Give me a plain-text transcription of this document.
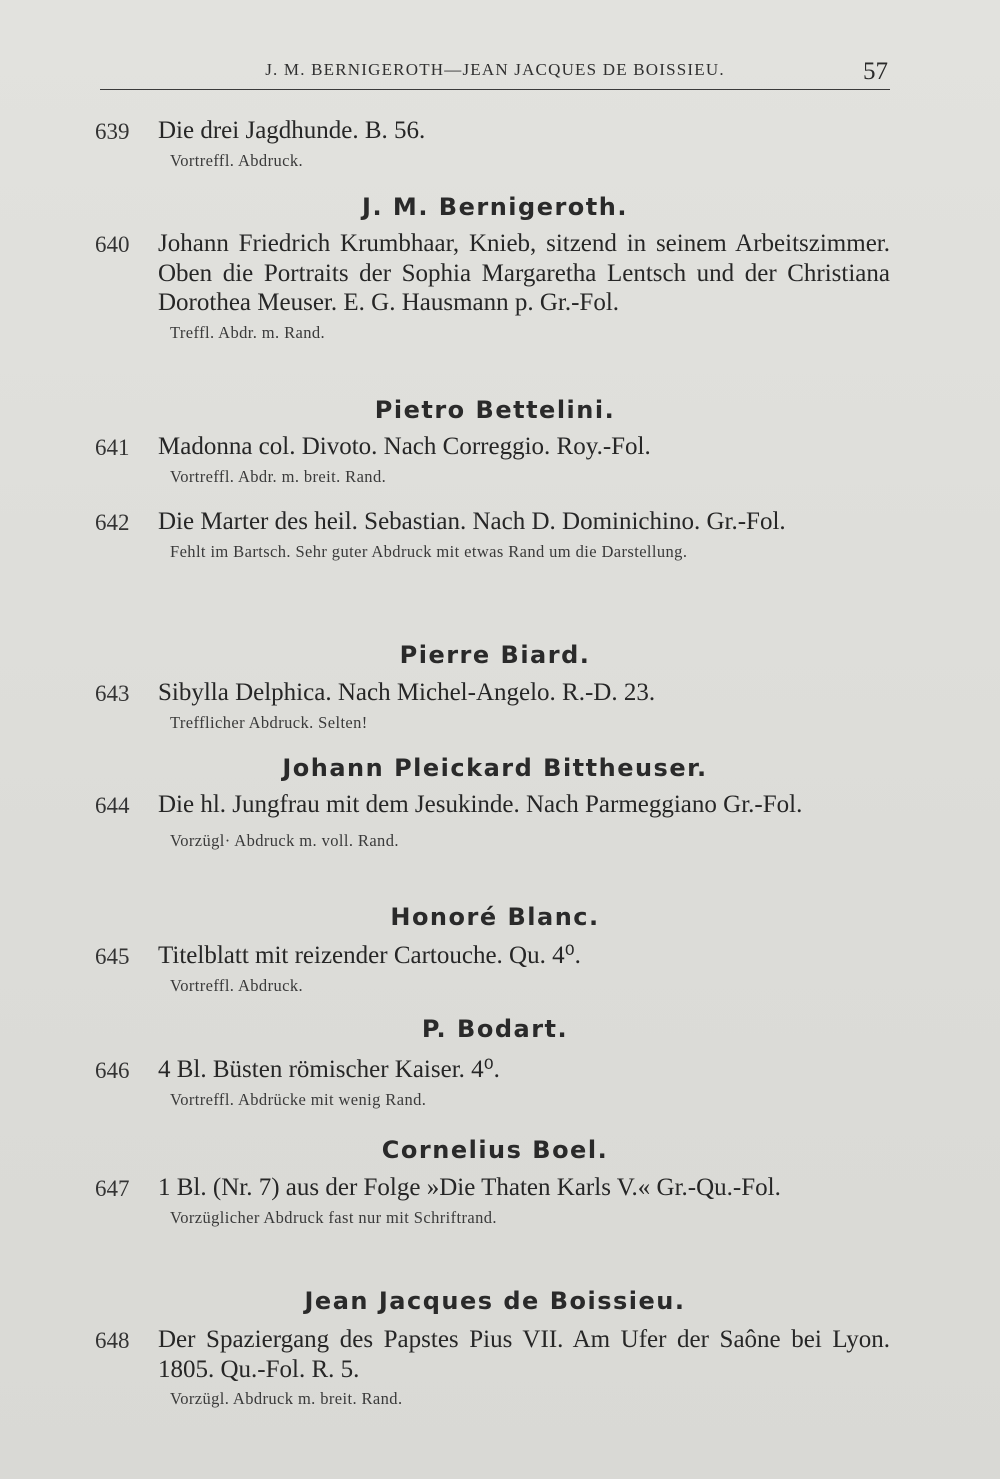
J. M. BERNIGEROTH—JEAN JACQUES DE BOISSIEU.	57
639 Die drei Jagdhunde. B. 56.
Vortreffl. Abdruck.
J. M. Bernigeroth.
640 Johann Friedrich Krumbhaar, Knieb, sitzend in seinem Arbeitszimmer. Oben die Portraits der Sophia Margaretha Lentsch und der Christiana Dorothea Meuser. E. G. Hausmann p. Gr.-Fol.
Treffl. Abdr. m. Rand.
Pietro Bettelini.
641 Madonna col. Divoto. Nach Correggio. Roy.-Fol.
Vortreffl. Abdr. m. breit. Rand.
642 Die Marter des heil. Sebastian. Nach D. Dominichino. Gr.-Fol.
Fehlt im Bartsch. Sehr guter Abdruck mit etwas Rand um die Darstellung.
Pierre Biard.
643 Sibylla Delphica. Nach Michel-Angelo. R.-D. 23.
Trefflicher Abdruck. Selten!
Johann Pleickard Bittheuser.
644 Die hl. Jungfrau mit dem Jesukinde. Nach Parmeggiano Gr.-Fol.
Vorzügl· Abdruck m. voll. Rand.
Honoré Blanc.
645 Titelblatt mit reizender Cartouche. Qu. 4⁰.
Vortreffl. Abdruck.
P. Bodart.
646 4 Bl. Büsten römischer Kaiser. 4⁰.
Vortreffl. Abdrücke mit wenig Rand.
Cornelius Boel.
647 1 Bl. (Nr. 7) aus der Folge »Die Thaten Karls V.« Gr.-Qu.-Fol.
Vorzüglicher Abdruck fast nur mit Schriftrand.
Jean Jacques de Boissieu.
648 Der Spaziergang des Papstes Pius VII. Am Ufer der Saône bei Lyon. 1805. Qu.-Fol. R. 5.
Vorzügl. Abdruck m. breit. Rand.
